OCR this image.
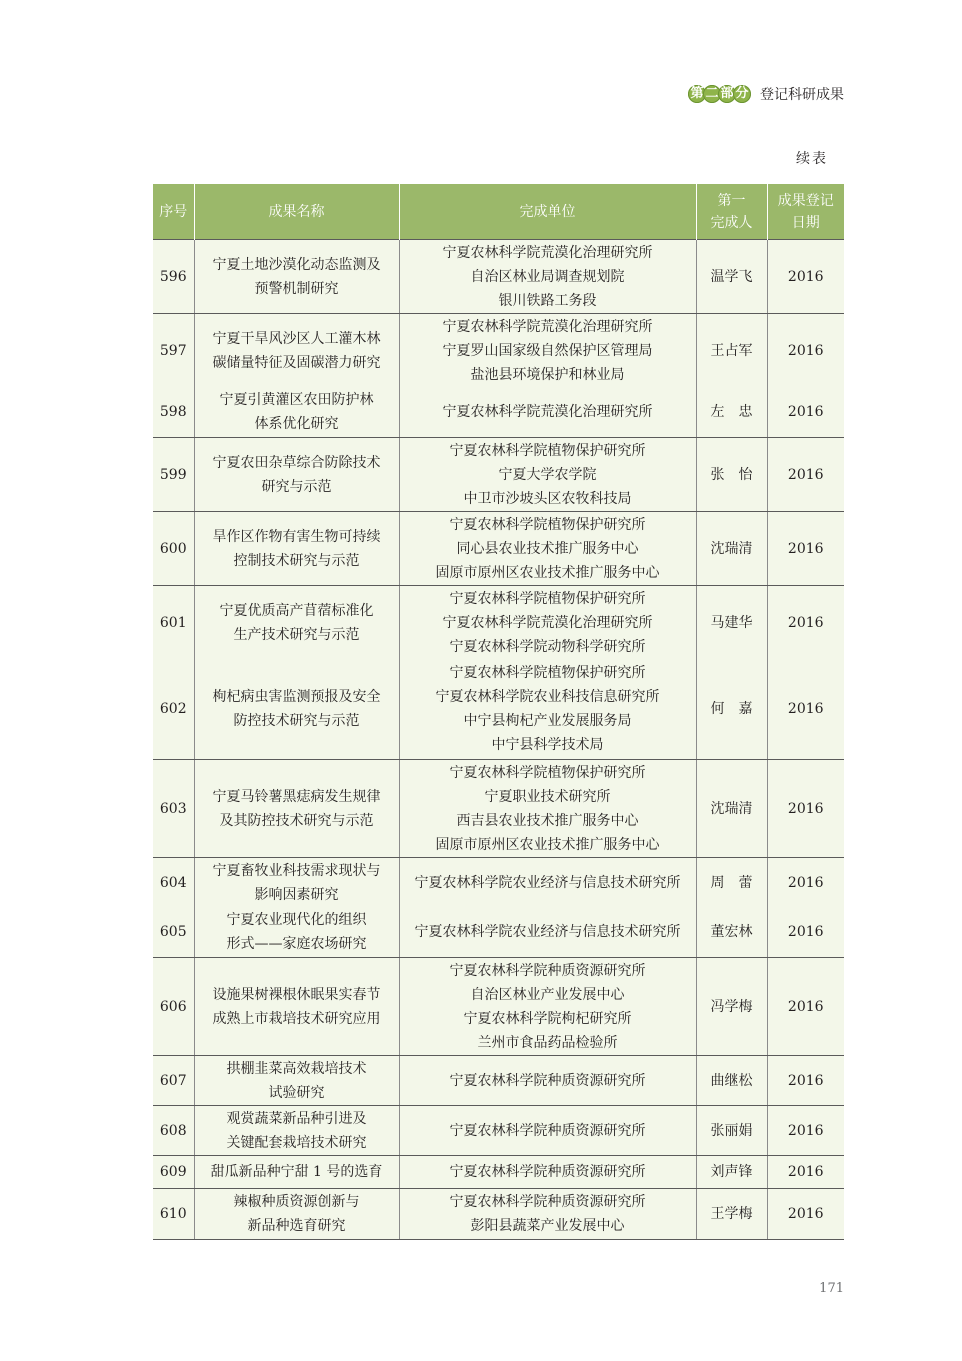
第 二 部 分 登记科研成果
续表
序号	成果名称	完成单位	第一
完成人	成果登记
日期

596	宁夏土地沙漠化动态监测及
预警机制研究	宁夏农林科学院荒漠化治理研究所
自治区林业局调查规划院
银川铁路工务段	温学飞	2016
597	宁夏干旱风沙区人工灌木林
碳储量特征及固碳潜力研究	宁夏农林科学院荒漠化治理研究所
宁夏罗山国家级自然保护区管理局
盐池县环境保护和林业局	王占军	2016
598	宁夏引黄灌区农田防护林
体系优化研究	宁夏农林科学院荒漠化治理研究所	左　忠	2016
599	宁夏农田杂草综合防除技术
研究与示范	宁夏农林科学院植物保护研究所
宁夏大学农学院
中卫市沙坡头区农牧科技局	张　怡	2016
600	旱作区作物有害生物可持续
控制技术研究与示范	宁夏农林科学院植物保护研究所
同心县农业技术推广服务中心
固原市原州区农业技术推广服务中心	沈瑞清	2016
601	宁夏优质高产苜蓿标准化
生产技术研究与示范	宁夏农林科学院植物保护研究所
宁夏农林科学院荒漠化治理研究所
宁夏农林科学院动物科学研究所	马建华	2016
602	枸杞病虫害监测预报及安全
防控技术研究与示范	宁夏农林科学院植物保护研究所
宁夏农林科学院农业科技信息研究所
中宁县枸杞产业发展服务局
中宁县科学技术局	何　嘉	2016
603	宁夏马铃薯黑痣病发生规律
及其防控技术研究与示范	宁夏农林科学院植物保护研究所
宁夏职业技术研究所
西吉县农业技术推广服务中心
固原市原州区农业技术推广服务中心	沈瑞清	2016
604	宁夏畜牧业科技需求现状与
影响因素研究	宁夏农林科学院农业经济与信息技术研究所	周　蕾	2016
605	宁夏农业现代化的组织
形式——家庭农场研究	宁夏农林科学院农业经济与信息技术研究所	董宏林	2016
606	设施果树裸根休眠果实春节
成熟上市栽培技术研究应用	宁夏农林科学院种质资源研究所
自治区林业产业发展中心
宁夏农林科学院枸杞研究所
兰州市食品药品检验所	冯学梅	2016
607	拱棚韭菜高效栽培技术
试验研究	宁夏农林科学院种质资源研究所	曲继松	2016
608	观赏蔬菜新品种引进及
关键配套栽培技术研究	宁夏农林科学院种质资源研究所	张丽娟	2016
609	甜瓜新品种宁甜 1 号的选育	宁夏农林科学院种质资源研究所	刘声锋	2016
610	辣椒种质资源创新与
新品种选育研究	宁夏农林科学院种质资源研究所
彭阳县蔬菜产业发展中心	王学梅	2016
171
